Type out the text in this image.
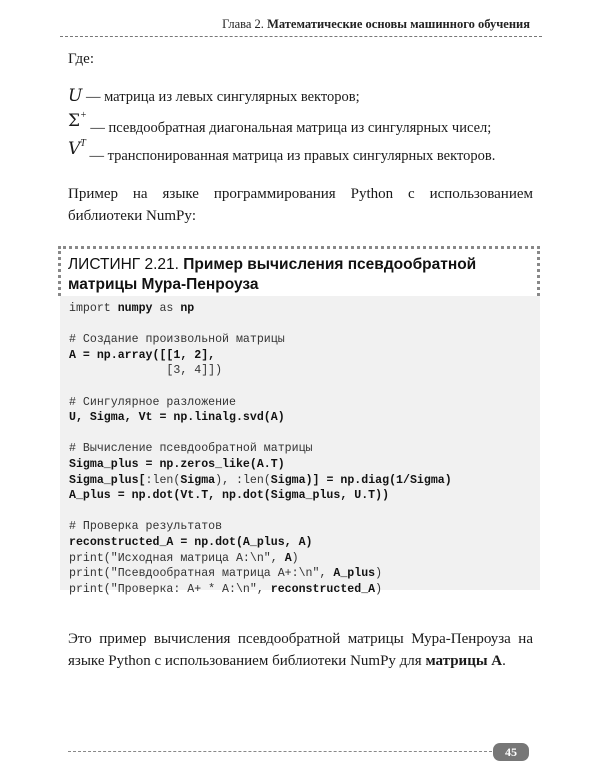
Глава 2. Математические основы машинного обучения
Где:
U — матрица из левых сингулярных векторов;
Σ+ — псевдообратная диагональная матрица из сингулярных чисел;
$V^T$ — транспонированная матрица из правых сингулярных векторов.
Пример на языке программирования Python с использованием библиотеки NumPy:
ЛИСТИНГ 2.21. Пример вычисления псевдообратной матрицы Мура-Пенроуза
import numpy as np

# Создание произвольной матрицы
A = np.array([[1, 2],
[3, 4]])

# Сингулярное разложение
U, Sigma, Vt = np.linalg.svd(A)

# Вычисление псевдообратной матрицы
Sigma_plus = np.zeros_like(A.T)
Sigma_plus[:len(Sigma), :len(Sigma)] = np.diag(1/Sigma)
A_plus = np.dot(Vt.T, np.dot(Sigma_plus, U.T))

# Проверка результатов
reconstructed_A = np.dot(A_plus, A)
print("Исходная матрица A:\n", A)
print("Псевдообратная матрица A+:\n", A_plus)
print("Проверка: A+ * A:\n", reconstructed_A)
Это пример вычисления псевдообратной матрицы Мура-Пенроуза на языке Python с использованием библиотеки NumPy для матрицы A.
45
